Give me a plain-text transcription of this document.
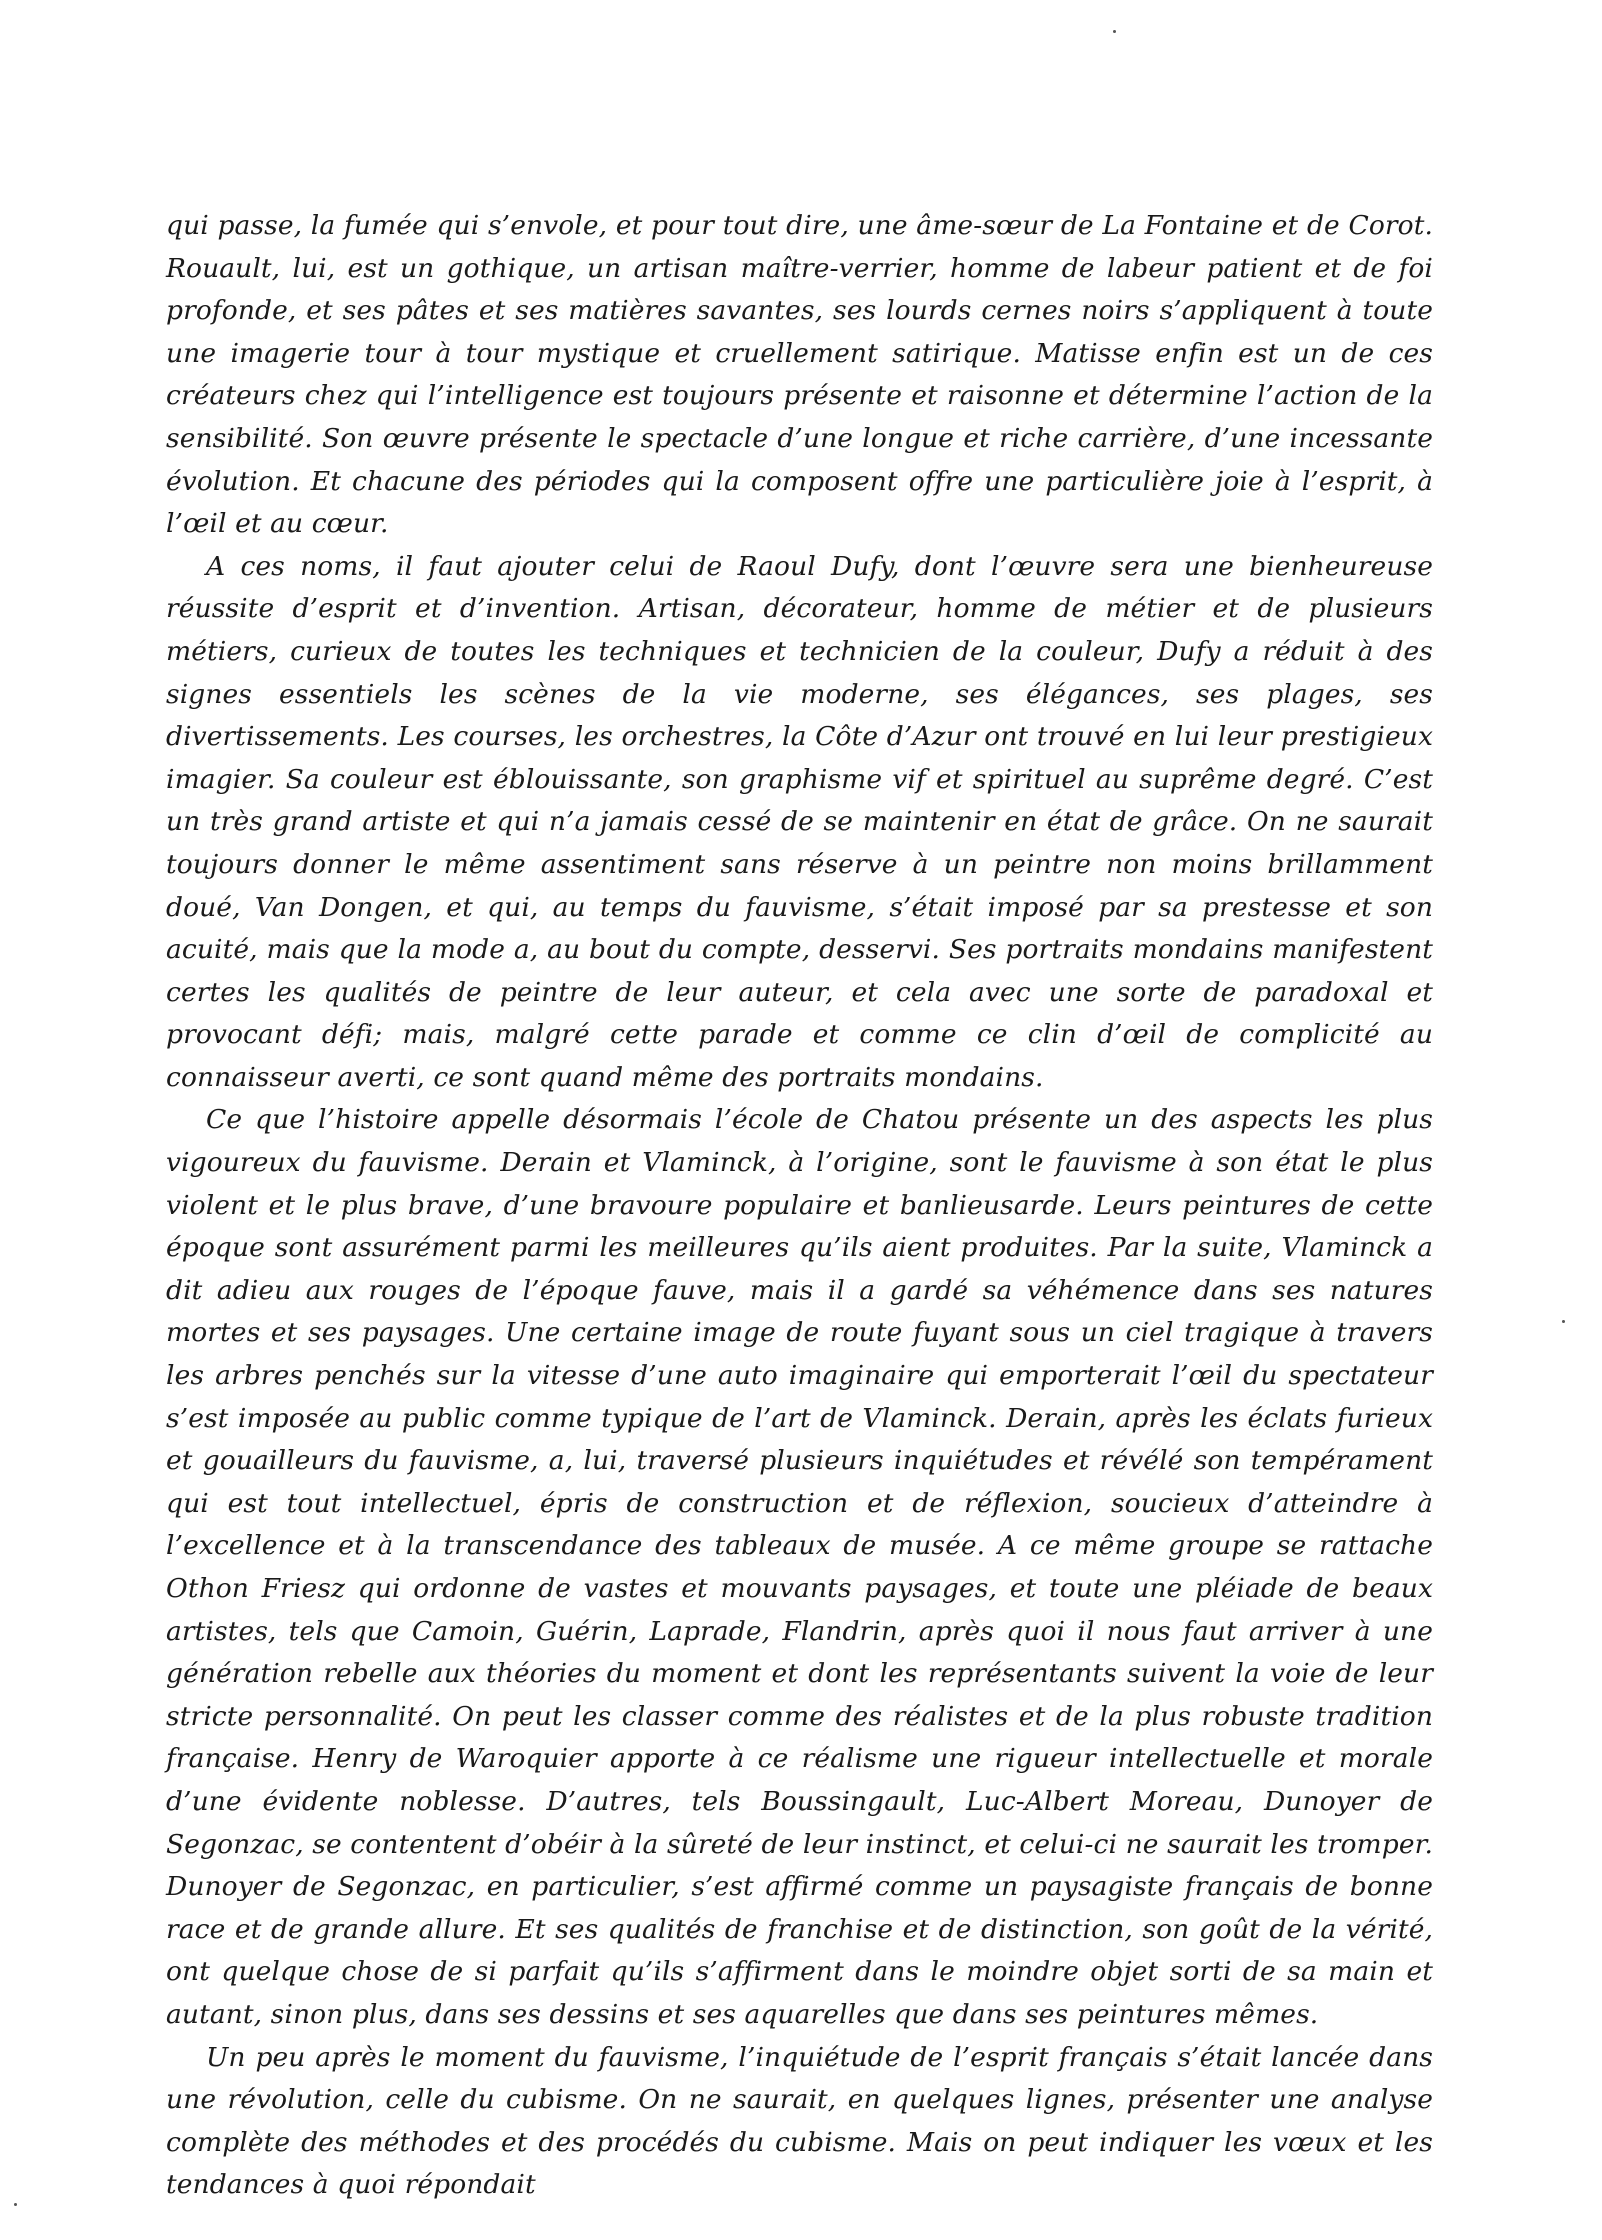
qui passe, la fumée qui s’envole, et pour tout dire, une âme-sœur de La Fontaine et de Corot. Rouault, lui, est un gothique, un artisan maître-verrier, homme de labeur patient et de foi profonde, et ses pâtes et ses matières savantes, ses lourds cernes noirs s’appliquent à toute une imagerie tour à tour mystique et cruellement satirique. Matisse enfin est un de ces créateurs chez qui l’intelligence est toujours présente et raisonne et détermine l’action de la sensibilité. Son œuvre présente le spectacle d’une longue et riche carrière, d’une incessante évolution. Et chacune des périodes qui la composent offre une particulière joie à l’esprit, à l’œil et au cœur.

A ces noms, il faut ajouter celui de Raoul Dufy, dont l’œuvre sera une bienheureuse réussite d’esprit et d’invention. Artisan, décorateur, homme de métier et de plusieurs métiers, curieux de toutes les techniques et technicien de la couleur, Dufy a réduit à des signes essentiels les scènes de la vie moderne, ses élégances, ses plages, ses divertissements. Les courses, les orchestres, la Côte d’Azur ont trouvé en lui leur prestigieux imagier. Sa couleur est éblouissante, son graphisme vif et spirituel au suprême degré. C’est un très grand artiste et qui n’a jamais cessé de se maintenir en état de grâce. On ne saurait toujours donner le même assentiment sans réserve à un peintre non moins brillamment doué, Van Dongen, et qui, au temps du fauvisme, s’était imposé par sa prestesse et son acuité, mais que la mode a, au bout du compte, desservi. Ses portraits mondains manifestent certes les qualités de peintre de leur auteur, et cela avec une sorte de paradoxal et provocant défi; mais, malgré cette parade et comme ce clin d’œil de complicité au connaisseur averti, ce sont quand même des portraits mondains.

Ce que l’histoire appelle désormais l’école de Chatou présente un des aspects les plus vigoureux du fauvisme. Derain et Vlaminck, à l’origine, sont le fauvisme à son état le plus violent et le plus brave, d’une bravoure populaire et banlieusarde. Leurs peintures de cette époque sont assurément parmi les meilleures qu’ils aient produites. Par la suite, Vlaminck a dit adieu aux rouges de l’époque fauve, mais il a gardé sa véhémence dans ses natures mortes et ses paysages. Une certaine image de route fuyant sous un ciel tragique à travers les arbres penchés sur la vitesse d’une auto imaginaire qui emporterait l’œil du spectateur s’est imposée au public comme typique de l’art de Vlaminck. Derain, après les éclats furieux et gouailleurs du fauvisme, a, lui, traversé plusieurs inquiétudes et révélé son tempérament qui est tout intellectuel, épris de construction et de réflexion, soucieux d’atteindre à l’excellence et à la transcendance des tableaux de musée. A ce même groupe se rattache Othon Friesz qui ordonne de vastes et mouvants paysages, et toute une pléiade de beaux artistes, tels que Camoin, Guérin, Laprade, Flandrin, après quoi il nous faut arriver à une génération rebelle aux théories du moment et dont les représentants suivent la voie de leur stricte personnalité. On peut les classer comme des réalistes et de la plus robuste tradition française. Henry de Waroquier apporte à ce réalisme une rigueur intellectuelle et morale d’une évidente noblesse. D’autres, tels Boussingault, Luc-Albert Moreau, Dunoyer de Segonzac, se contentent d’obéir à la sûreté de leur instinct, et celui-ci ne saurait les tromper. Dunoyer de Segonzac, en particulier, s’est affirmé comme un paysagiste français de bonne race et de grande allure. Et ses qualités de franchise et de distinction, son goût de la vérité, ont quelque chose de si parfait qu’ils s’affirment dans le moindre objet sorti de sa main et autant, sinon plus, dans ses dessins et ses aquarelles que dans ses peintures mêmes.

Un peu après le moment du fauvisme, l’inquiétude de l’esprit français s’était lancée dans une révolution, celle du cubisme. On ne saurait, en quelques lignes, présenter une analyse complète des méthodes et des procédés du cubisme. Mais on peut indiquer les vœux et les tendances à quoi répondait
